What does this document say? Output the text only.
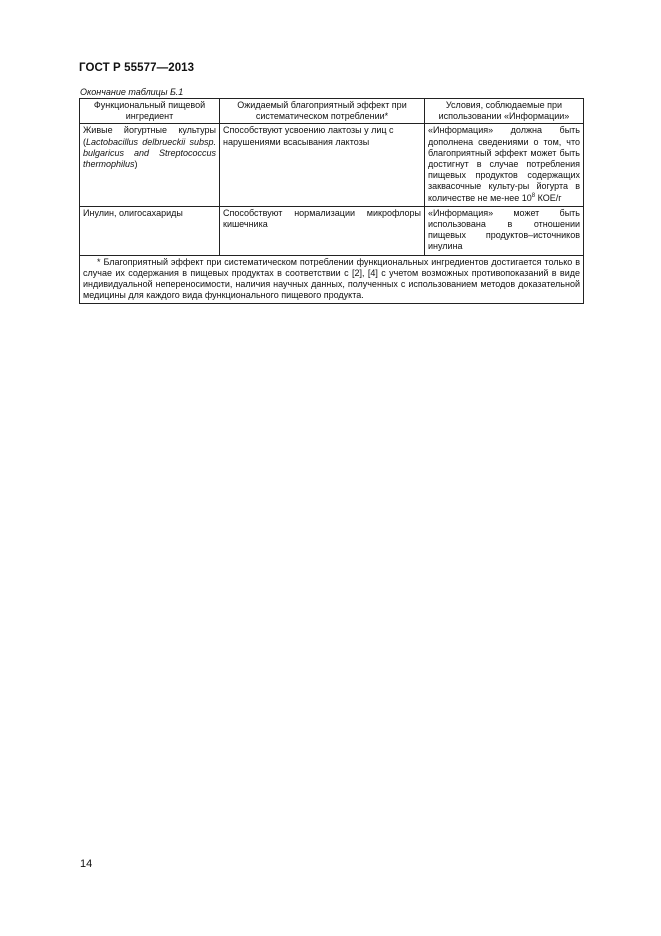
ГОСТ Р 55577—2013
Окончание таблицы Б.1
Функциональный пищевой ингредиент	Ожидаемый благоприятный эффект при систематическом потреблении*	Условия, соблюдаемые при использовании «Информации»
Живые йогуртные культуры (Lactobacillus delbrueckii subsp. bulgaricus and Streptococcus thermophilus)	Способствуют усвоению лактозы у лиц с нарушениями всасывания лактозы	«Информация» должна быть дополнена сведениями о том, что благоприятный эффект может быть достигнут в случае потребления пищевых продуктов содержащих заквасочные культу-ры йогурта в количестве не ме-нее $10^8$ КОЕ/г
Инулин, олигосахариды	Способствуют нормализации микрофлоры кишечника	«Информация» может быть использована в отношении пищевых продуктов–источников инулина
* Благоприятный эффект при систематическом потреблении функциональных ингредиентов достигается только в случае их содержания в пищевых продуктах в соответствии с [2], [4] с учетом возможных противопоказаний в виде индивидуальной непереносимости, наличия научных данных, полученных с использованием методов доказательной медицины для каждого вида функционального пищевого продукта.		
14
